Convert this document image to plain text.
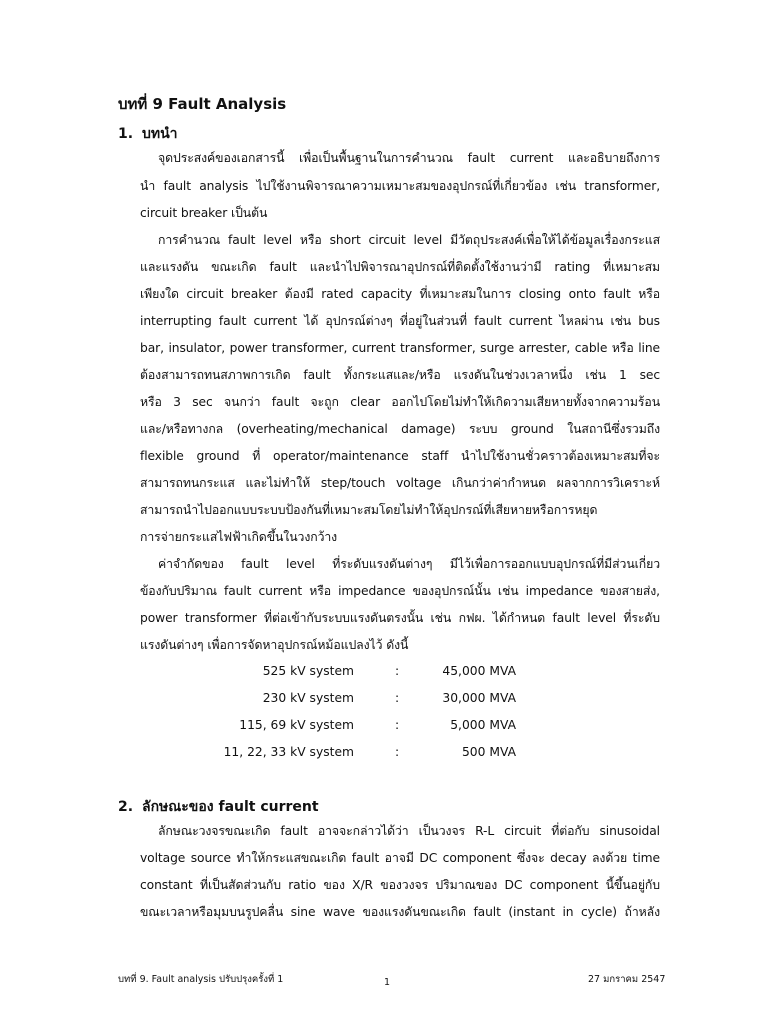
บทที่ 9 Fault Analysis
1. บทนำ
จุดประสงค์ของเอกสารนี้ เพื่อเป็นพื้นฐานในการคำนวณ fault current และอธิบายถึงการ
นำ fault analysis ไปใช้งานพิจารณาความเหมาะสมของอุปกรณ์ที่เกี่ยวข้อง เช่น transformer,
circuit breaker เป็นต้น
การคำนวณ fault level หรือ short circuit level มีวัตถุประสงค์เพื่อให้ได้ข้อมูลเรื่องกระแส
และแรงดัน ขณะเกิด fault และนำไปพิจารณาอุปกรณ์ที่ติดตั้งใช้งานว่ามี rating ที่เหมาะสม
เพียงใด circuit breaker ต้องมี rated capacity ที่เหมาะสมในการ closing onto fault หรือ
interrupting fault current ได้ อุปกรณ์ต่างๆ ที่อยู่ในส่วนที่ fault current ไหลผ่าน เช่น bus
bar, insulator, power transformer, current transformer, surge arrester, cable หรือ line
ต้องสามารถทนสภาพการเกิด fault ทั้งกระแสและ/หรือ แรงดันในช่วงเวลาหนึ่ง เช่น 1 sec
หรือ 3 sec จนกว่า fault จะถูก clear ออกไปโดยไม่ทำให้เกิดวามเสียหายทั้งจากความร้อน
และ/หรือทางกล (overheating/mechanical damage) ระบบ ground ในสถานีซึ่งรวมถึง
flexible ground ที่ operator/maintenance staff นำไปใช้งานชั่วคราวต้องเหมาะสมที่จะ
สามารถทนกระแส และไม่ทำให้ step/touch voltage เกินกว่าค่ากำหนด ผลจากการวิเคราะห์
สามารถนำไปออกแบบระบบป้องกันที่เหมาะสมโดยไม่ทำให้อุปกรณ์ที่เสียหายหรือการหยุด
การจ่ายกระแสไฟฟ้าเกิดขึ้นในวงกว้าง
ค่าจำกัดของ fault level ที่ระดับแรงดันต่างๆ มีไว้เพื่อการออกแบบอุปกรณ์ที่มีส่วนเกี่ยว
ข้องกับปริมาณ fault current หรือ impedance ของอุปกรณ์นั้น เช่น impedance ของสายส่ง,
power transformer ที่ต่อเข้ากับระบบแรงดันตรงนั้น เช่น กฟผ. ได้กำหนด fault level ที่ระดับ
แรงดันต่างๆ เพื่อการจัดหาอุปกรณ์หม้อแปลงไว้ ดังนี้
525 kV system	:	45,000 MVA
230 kV system	:	30,000 MVA
115, 69 kV system	:	5,000 MVA
11, 22, 33 kV system	:	500 MVA
2. ลักษณะของ fault current
ลักษณะวงจรขณะเกิด fault อาจจะกล่าวได้ว่า เป็นวงจร R-L circuit ที่ต่อกับ sinusoidal
voltage source ทำให้กระแสขณะเกิด fault อาจมี DC component ซึ่งจะ decay ลงด้วย time
constant ที่เป็นสัดส่วนกับ ratio ของ X/R ของวงจร ปริมาณของ DC component นี้ขึ้นอยู่กับ
ขณะเวลาหรือมุมบนรูปคลื่น sine wave ของแรงดันขณะเกิด fault (instant in cycle) ถ้าหลัง
บทที่ 9. Fault analysis ปรับปรุงครั้งที่ 1	1	27 มกราคม 2547
